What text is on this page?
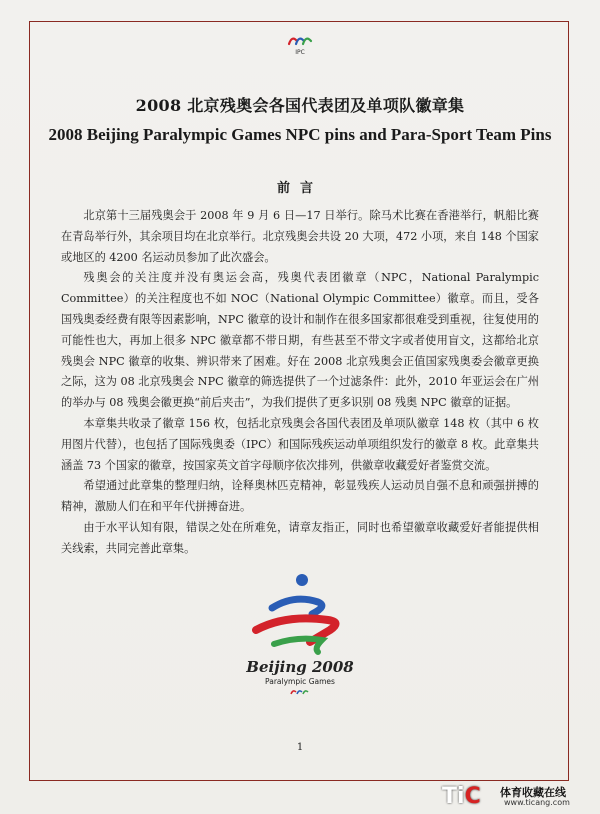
IPC
2008 北京残奥会各国代表团及单项队徽章集
2008 Beijing Paralympic Games NPC pins and Para-Sport Team Pins
前言

北京第十三届残奥会于 2008 年 9 月 6 日—17 日举行。除马术比赛在香港举行，帆船比赛在青岛举行外，其余项目均在北京举行。北京残奥会共设 20 大项，472 小项，来自 148 个国家或地区的 4200 名运动员参加了此次盛会。

残奥会的关注度并没有奥运会高，残奥代表团徽章（NPC，National Paralympic Committee）的关注程度也不如 NOC（National Olympic Committee）徽章。而且，受各国残奥委经费有限等因素影响，NPC 徽章的设计和制作在很多国家都很难受到重视，往复使用的可能性也大，再加上很多 NPC 徽章都不带日期，有些甚至不带文字或者使用盲文，这都给北京残奥会 NPC 徽章的收集、辨识带来了困难。好在 2008 北京残奥会正值国家残奥委会徽章更换之际，这为 08 北京残奥会 NPC 徽章的筛选提供了一个过滤条件：此外，2010 年亚运会在广州的举办与 08 残奥会徽更换“前后夹击”，为我们提供了更多识别 08 残奥 NPC 徽章的证据。

本章集共收录了徽章 156 枚，包括北京残奥会各国代表团及单项队徽章 148 枚（其中 6 枚用图片代替），也包括了国际残奥委（IPC）和国际残疾运动单项组织发行的徽章 8 枚。此章集共涵盖 73 个国家的徽章，按国家英文首字母顺序依次排列，供徽章收藏爱好者鉴赏交流。

希望通过此章集的整理归纳，诠释奥林匹克精神，彰显残疾人运动员自强不息和顽强拼搏的精神，激励人们在和平年代拼搏奋进。

由于水平认知有限，错误之处在所难免，请章友指正，同时也希望徽章收藏爱好者能提供相关线索，共同完善此章集。

Beijing 2008
Paralympic Games
1
TiC 体育收藏在线
www.ticang.com
